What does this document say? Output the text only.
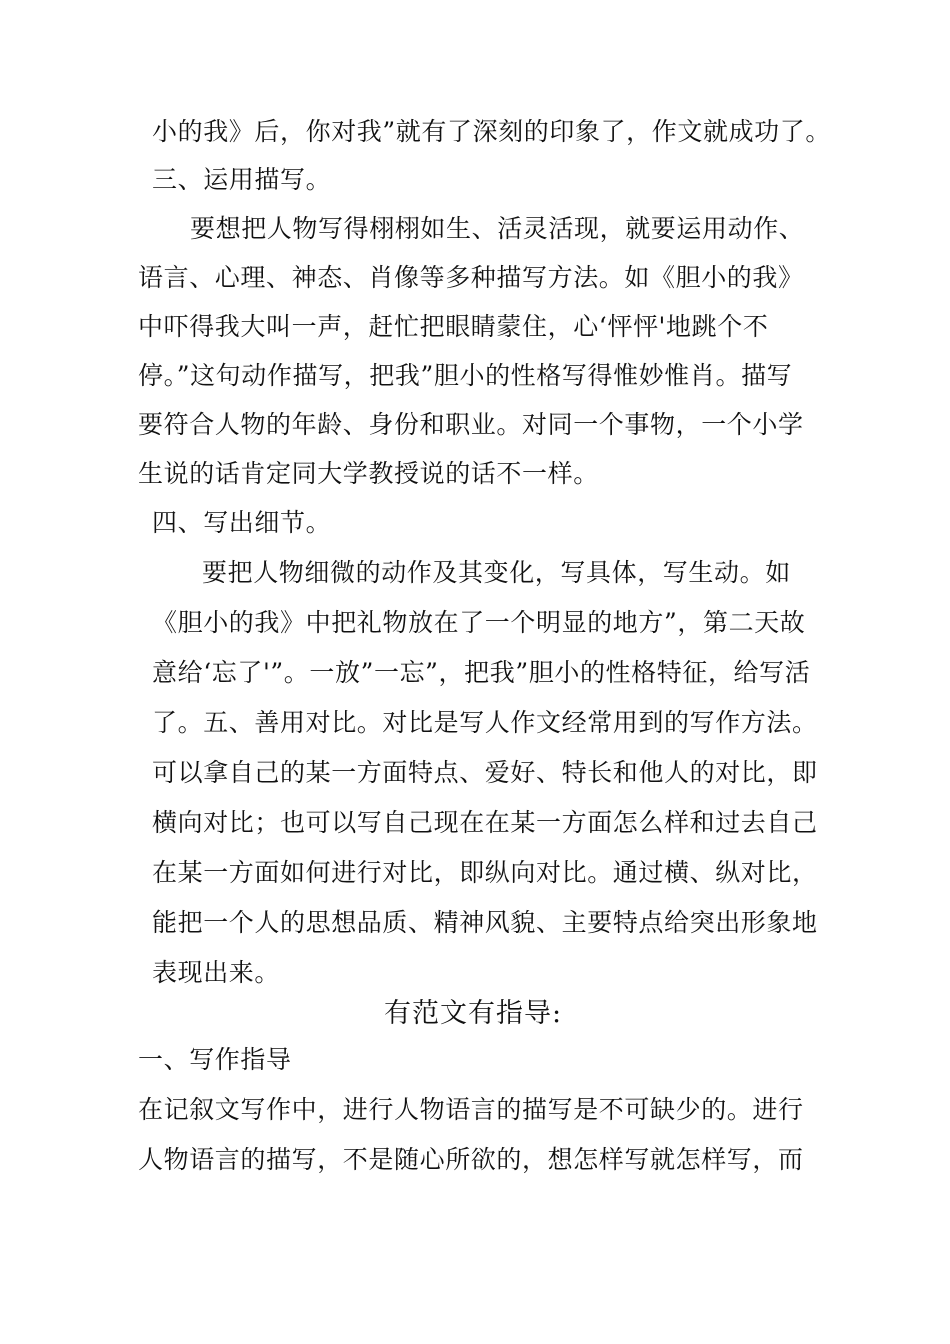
小的我》后，你对我”就有了深刻的印象了，作文就成功了。
三、运用描写。
要想把人物写得栩栩如生、活灵活现，就要运用动作、
语言、心理、神态、肖像等多种描写方法。如《胆小的我》
中吓得我大叫一声，赶忙把眼睛蒙住，心‘怦怦'地跳个不
停。”这句动作描写，把我”胆小的性格写得惟妙惟肖。描写
要符合人物的年龄、身份和职业。对同一个事物，一个小学
生说的话肯定同大学教授说的话不一样。
四、写出细节。
要把人物细微的动作及其变化，写具体，写生动。如
《胆小的我》中把礼物放在了一个明显的地方”，第二天故
意给‘忘了'”。一放”一忘”，把我”胆小的性格特征，给写活
了。五、善用对比。对比是写人作文经常用到的写作方法。
可以拿自己的某一方面特点、爱好、特长和他人的对比，即
横向对比；也可以写自己现在在某一方面怎么样和过去自己
在某一方面如何进行对比，即纵向对比。通过横、纵对比，
能把一个人的思想品质、精神风貌、主要特点给突出形象地
表现出来。
有范文有指导:
一、写作指导
在记叙文写作中，进行人物语言的描写是不可缺少的。进行
人物语言的描写，不是随心所欲的，想怎样写就怎样写，而
